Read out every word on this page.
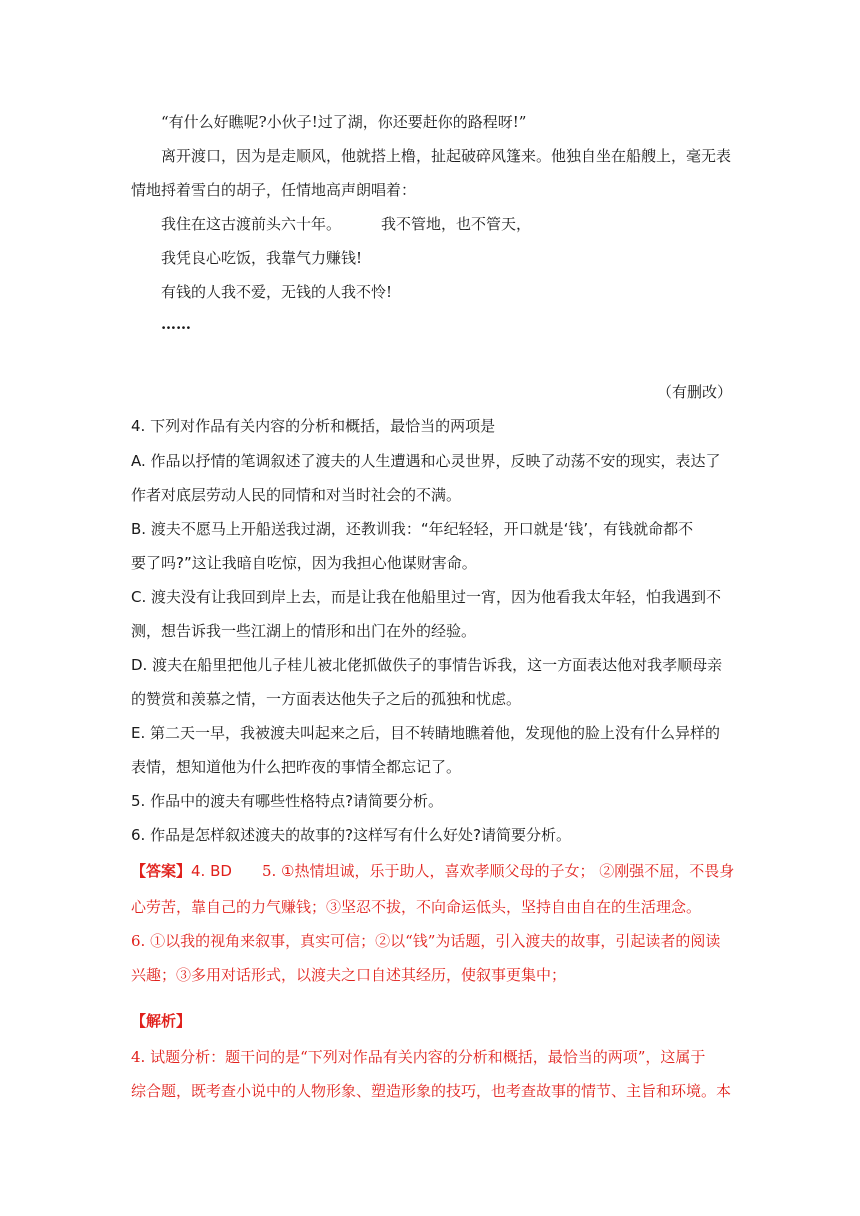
“有什么好瞧呢?小伙子!过了湖，你还要赶你的路程呀!”
离开渡口，因为是走顺风，他就搭上橹，扯起破碎风篷来。他独自坐在船艘上，毫无表
情地捋着雪白的胡子，任情地高声朗唱着：
我住在这古渡前头六十年。	我不管地，也不管天，
我凭良心吃饭，我靠气力赚钱!
有钱的人我不爱，无钱的人我不怜!
……
（有删改）
4. 下列对作品有关内容的分析和概括，最恰当的两项是
A. 作品以抒情的笔调叙述了渡夫的人生遭遇和心灵世界，反映了动荡不安的现实，表达了
作者对底层劳动人民的同情和对当时社会的不满。
B. 渡夫不愿马上开船送我过湖，还教训我：“年纪轻轻，开口就是‘钱’，有钱就命都不
要了吗?”这让我暗自吃惊，因为我担心他谋财害命。
C. 渡夫没有让我回到岸上去，而是让我在他船里过一宵，因为他看我太年轻，怕我遇到不
测，想告诉我一些江湖上的情形和出门在外的经验。
D. 渡夫在船里把他儿子桂儿被北佬抓做佚子的事情告诉我，这一方面表达他对我孝顺母亲
的赞赏和羡慕之情，一方面表达他失子之后的孤独和忧虑。
E. 第二天一早，我被渡夫叫起来之后，目不转睛地瞧着他，发现他的脸上没有什么异样的
表情，想知道他为什么把昨夜的事情全都忘记了。
5. 作品中的渡夫有哪些性格特点?请简要分析。
6. 作品是怎样叙述渡夫的故事的?这样写有什么好处?请简要分析。
【答案】4. BD 5. ①热情坦诚，乐于助人，喜欢孝顺父母的子女； ②刚强不屈，不畏身
心劳苦，靠自己的力气赚钱；③坚忍不拔，不向命运低头，坚持自由自在的生活理念。
6. ①以我的视角来叙事，真实可信；②以“钱”为话题，引入渡夫的故事，引起读者的阅读
兴趣；③多用对话形式，以渡夫之口自述其经历，使叙事更集中；
【解析】
4. 试题分析：题干问的是“下列对作品有关内容的分析和概括，最恰当的两项”，这属于
综合题，既考查小说中的人物形象、塑造形象的技巧，也考查故事的情节、主旨和环境。本
